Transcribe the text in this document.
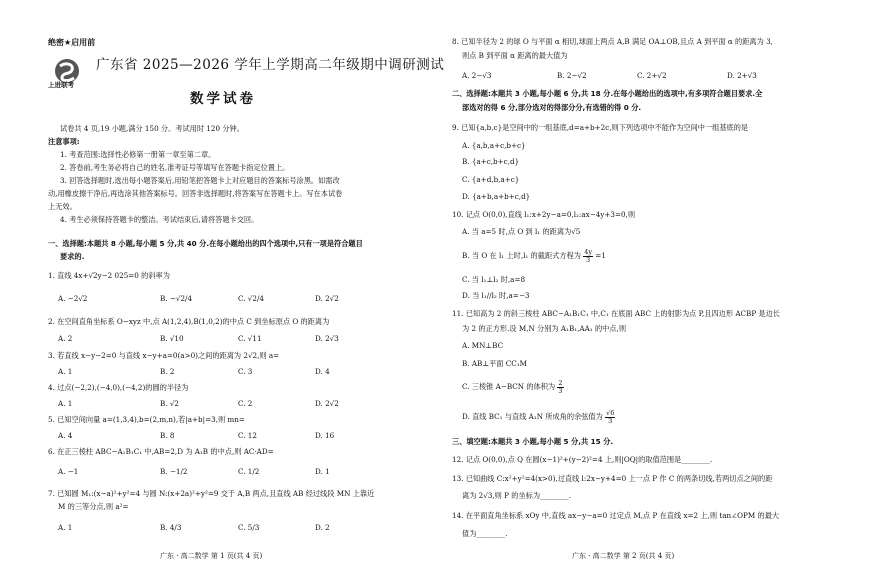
绝密★启用前
上进联考
广东省 2025—2026 学年上学期高二年级期中调研测试
数学试卷
试卷共 4 页,19 小题,满分 150 分。考试用时 120 分钟。
注意事项:
1. 考查范围:选择性必修第一册第一章至第二章。
2. 答卷前,考生务必将自己的姓名,准考证号等填写在答题卡指定位置上。
3. 回答选择题时,选出每小题答案后,用铅笔把答题卡上对应题目的答案标号涂黑。如需改
动,用橡皮擦干净后,再选涂其他答案标号。回答非选择题时,将答案写在答题卡上。写在本试卷
上无效。
4. 考生必须保持答题卡的整洁。考试结束后,请将答题卡交回。
一、选择题:本题共 8 小题,每小题 5 分,共 40 分.在每小题给出的四个选项中,只有一项是符合题目
要求的.
1. 直线 4x+√2y−2 025=0 的斜率为
A. −2√2	B. −√2/4	C. √2/4	D. 2√2
2. 在空间直角坐标系 O−xyz 中,点 A(1,2,4),B(1,0,2)的中点 C 到坐标原点 O 的距离为
A. 2	B. √10	C. √11	D. 2√3
3. 若直线 x−y−2=0 与直线 x−y+a=0(a>0)之间的距离为 2√2,则 a=
A. 1	B. 2	C. 3	D. 4
4. 过点(−2,2),(−4,0),(−4,2)的圆的半径为
A. 1	B. √2	C. 2	D. 2√2
5. 已知空间向量 a=(1,3,4),b=(2,m,n),若|a+b|=3,则 mn=
A. 4	B. 8	C. 12	D. 16
6. 在正三棱柱 ABC−A₁B₁C₁ 中,AB=2,D 为 A₁B 的中点,则 AC·AD=
A. −1	B. −1/2	C. 1/2	D. 1
7. 已知圆 M₁:(x−a)²+y²=4 与圆 N:(x+2a)²+y²=9 交于 A,B 两点,且直线 AB 经过线段 MN 上靠近
M 的三等分点,则 a²=
A. 1	B. 4/3	C. 5/3	D. 2
广东 · 高二数学 第 1 页(共 4 页)
8. 已知半径为 2 的球 O 与平面 α 相切,球面上两点 A,B 满足 OA⊥OB,且点 A 到平面 α 的距离为 3,
则点 B 到平面 α 距离的最大值为
A. 2−√3	B. 2−√2	C. 2+√2	D. 2+√3
二、选择题:本题共 3 小题,每小题 6 分,共 18 分.在每小题给出的选项中,有多项符合题目要求.全
部选对的得 6 分,部分选对的得部分分,有选错的得 0 分.
9. 已知{a,b,c}是空间中的一组基底,d=a+b+2c,则下列选项中不能作为空间中一组基底的是
A. {a,b,a+c,b+c}
B. {a+c,b+c,d}
C. {a+d,b,a+c}
D. {a+b,a+b+c,d}
10. 记点 O(0,0),直线 l₁:x+2y−a=0,l₂:ax−4y+3=0,则
A. 当 a=5 时,点 O 到 l₁ 的距离为√5
B. 当 O 在 l₁ 上时,l₁ 的截距式方程为 $\frac{4y}{3} =1$
C. 当 l₁⊥l₂ 时,a=8
D. 当 l₁//l₂ 时,a=−3
11. 已知高为 2 的斜三棱柱 ABC−A₁B₁C₁ 中,C₁ 在底面 ABC 上的射影为点 P,且四边形 ACBP 是边长
为 2 的正方形.设 M,N 分别为 A₁B₁,AA₁ 的中点,则
A. MN⊥BC
B. AB⊥平面 CC₁M
C. 三棱锥 A−BCN 的体积为 $\frac{2}{3}$
D. 直线 BC₁ 与直线 A₁N 所成角的余弦值为 $\frac{√6}{3}$
三、填空题:本题共 3 小题,每小题 5 分,共 15 分.
12. 记点 O(0,0),点 Q 在圆(x−1)²+(y−2)²=4 上,则|OQ|的取值范围是________.
13. 已知曲线 C:x²+y²=4(x>0),过直线 l:2x−y+4=0 上一点 P 作 C 的两条切线,若两切点之间的距
离为 2√3,则 P 的坐标为________.
14. 在平面直角坐标系 xOy 中,直线 ax−y−a=0 过定点 M,点 P 在直线 x=2 上,则 tan∠OPM 的最大
值为________.
广东 · 高二数学 第 2 页(共 4 页)
